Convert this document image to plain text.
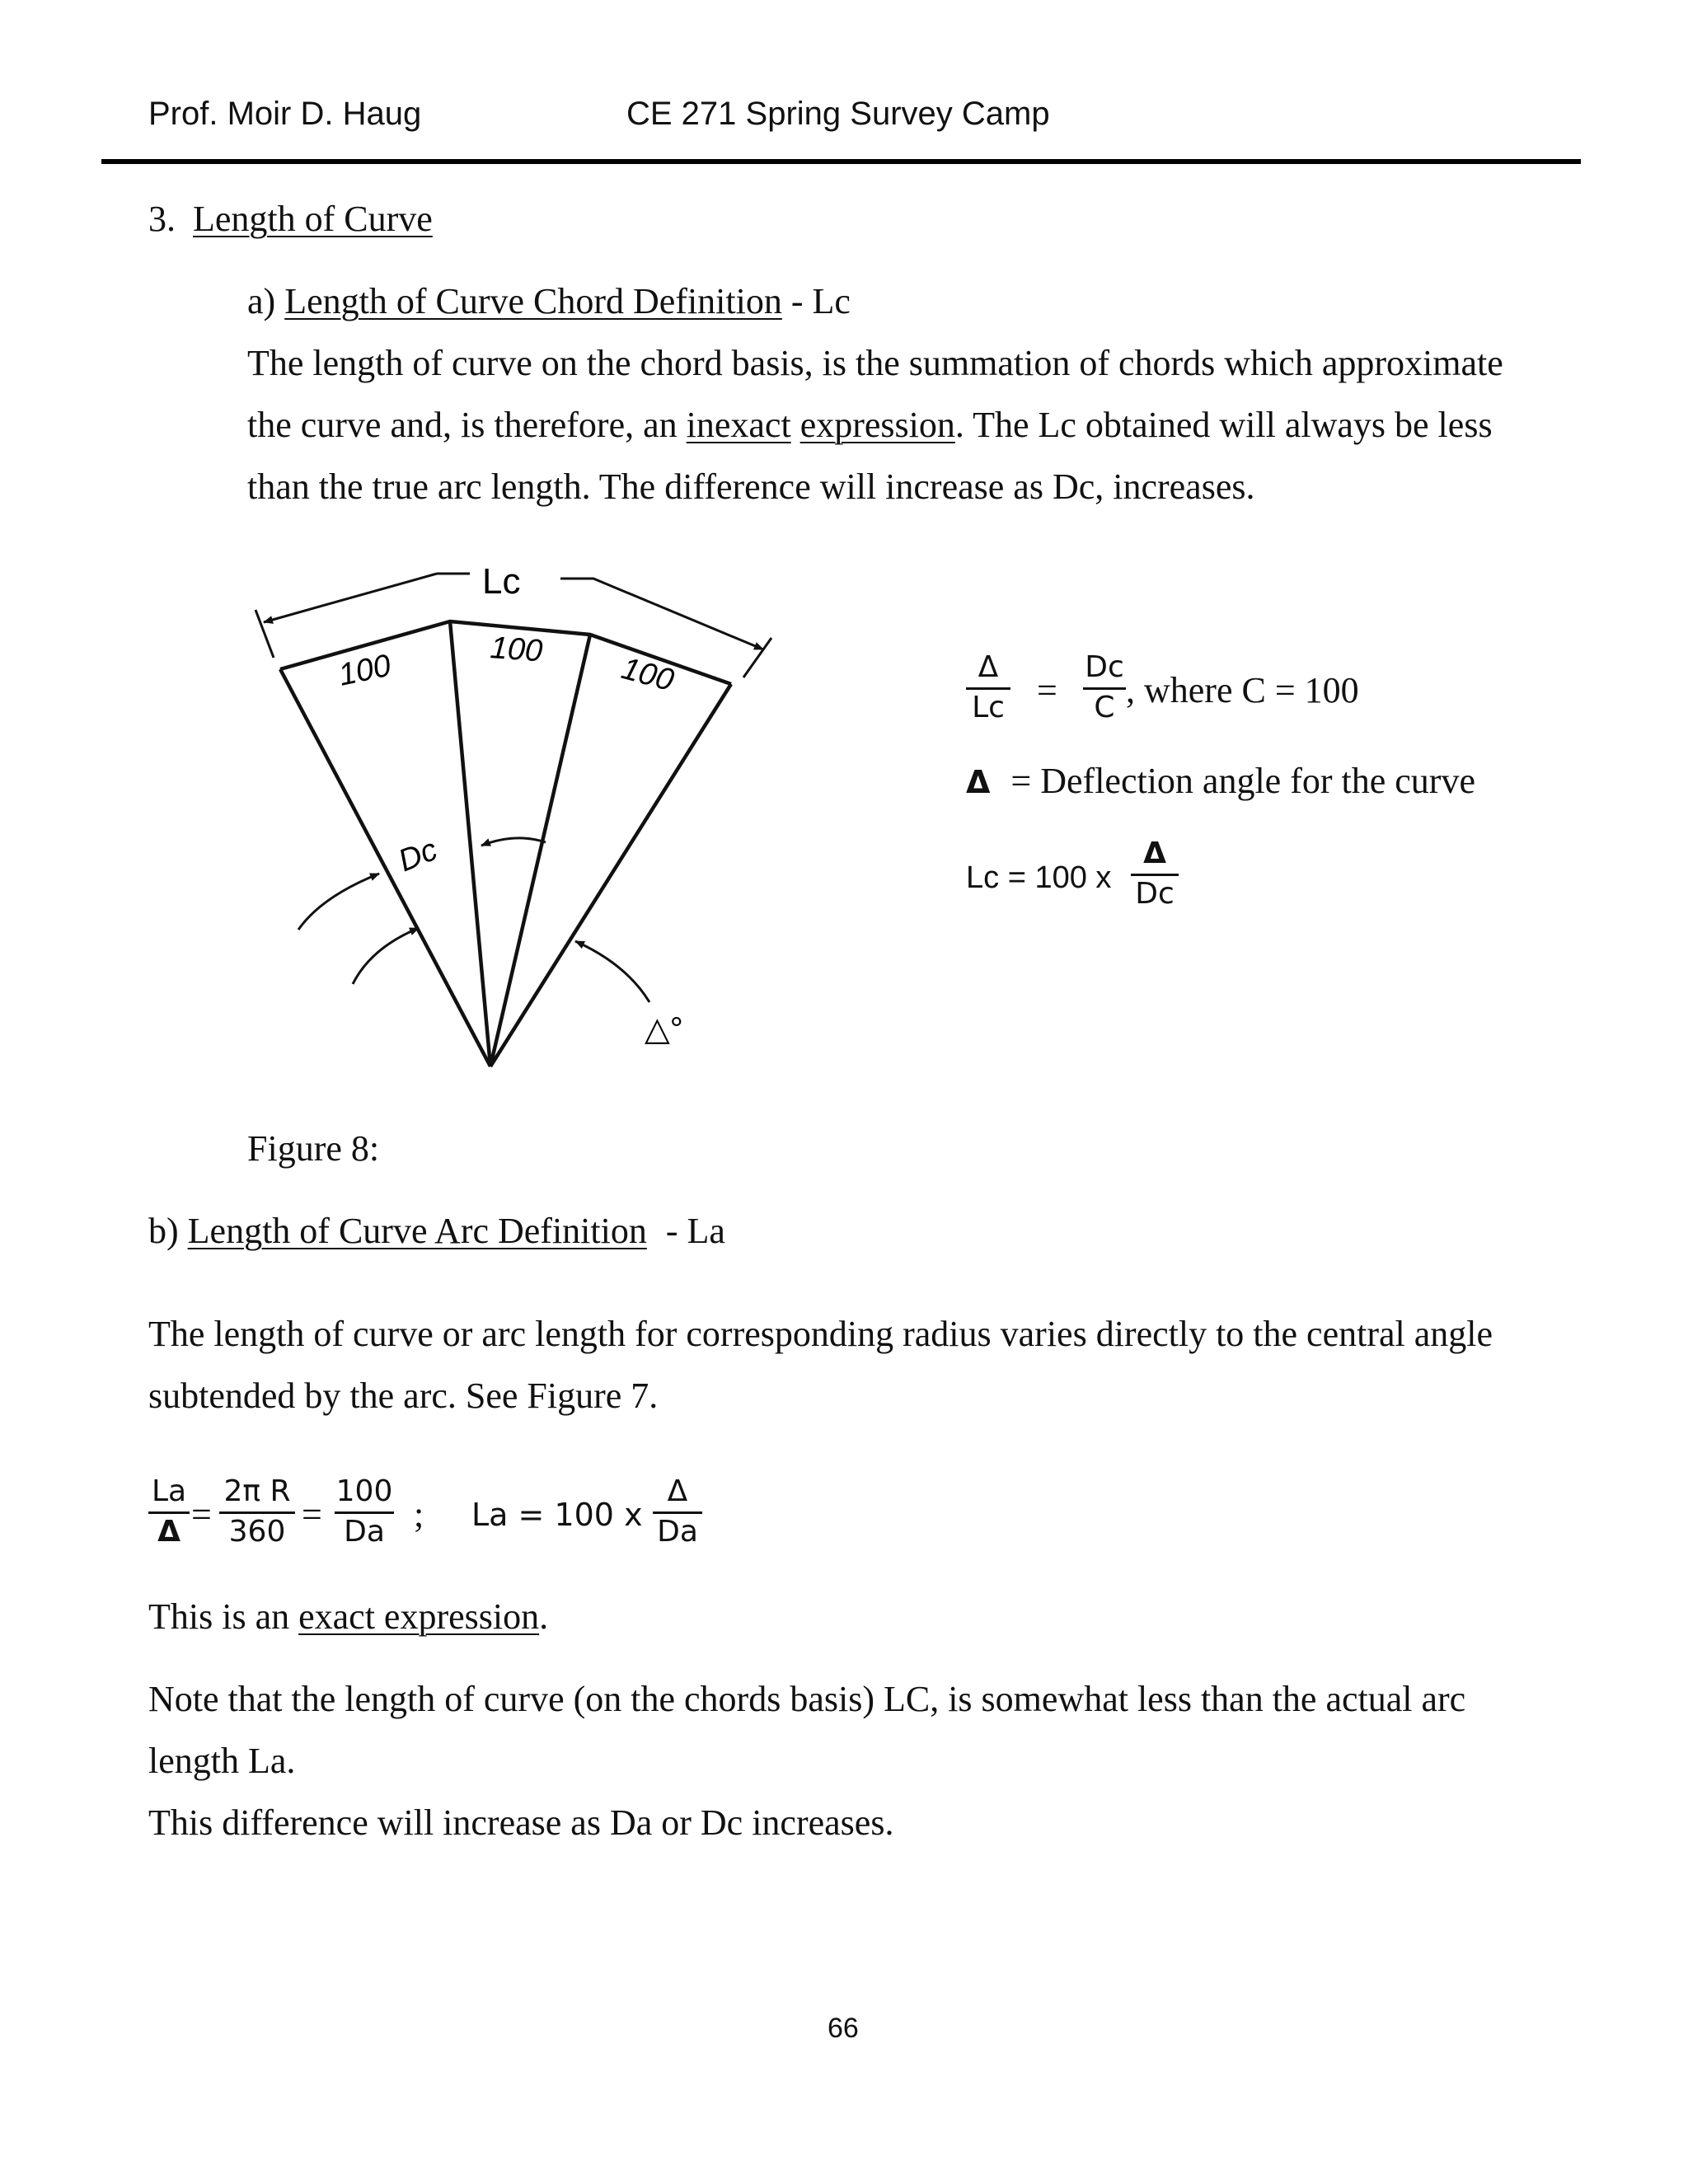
Prof. Moir D. Haug	CE 271 Spring Survey Camp
3. Length of Curve
a) Length of Curve Chord Definition - Lc
The length of curve on the chord basis, is the summation of chords which approximate
the curve and, is therefore, an inexact expression. The Lc obtained will always be less
than the true arc length. The difference will increase as Dc, increases.
Lc
100	100
100
Dc
△°
Δ
Lc =
Dc
C , where C = 100
Δ = Deflection angle for the curve
Lc = 100 x
Δ
Dc
Figure 8:
b) Length of Curve Arc Definition - La
The length of curve or arc length for corresponding radius varies directly to the central angle
subtended by the arc. See Figure 7.
La
Δ =
2π R
360 =
100
Da ; La = 100 x
Δ
Da
This is an exact expression.
Note that the length of curve (on the chords basis) LC, is somewhat less than the actual arc
length La.
This difference will increase as Da or Dc increases.
66
